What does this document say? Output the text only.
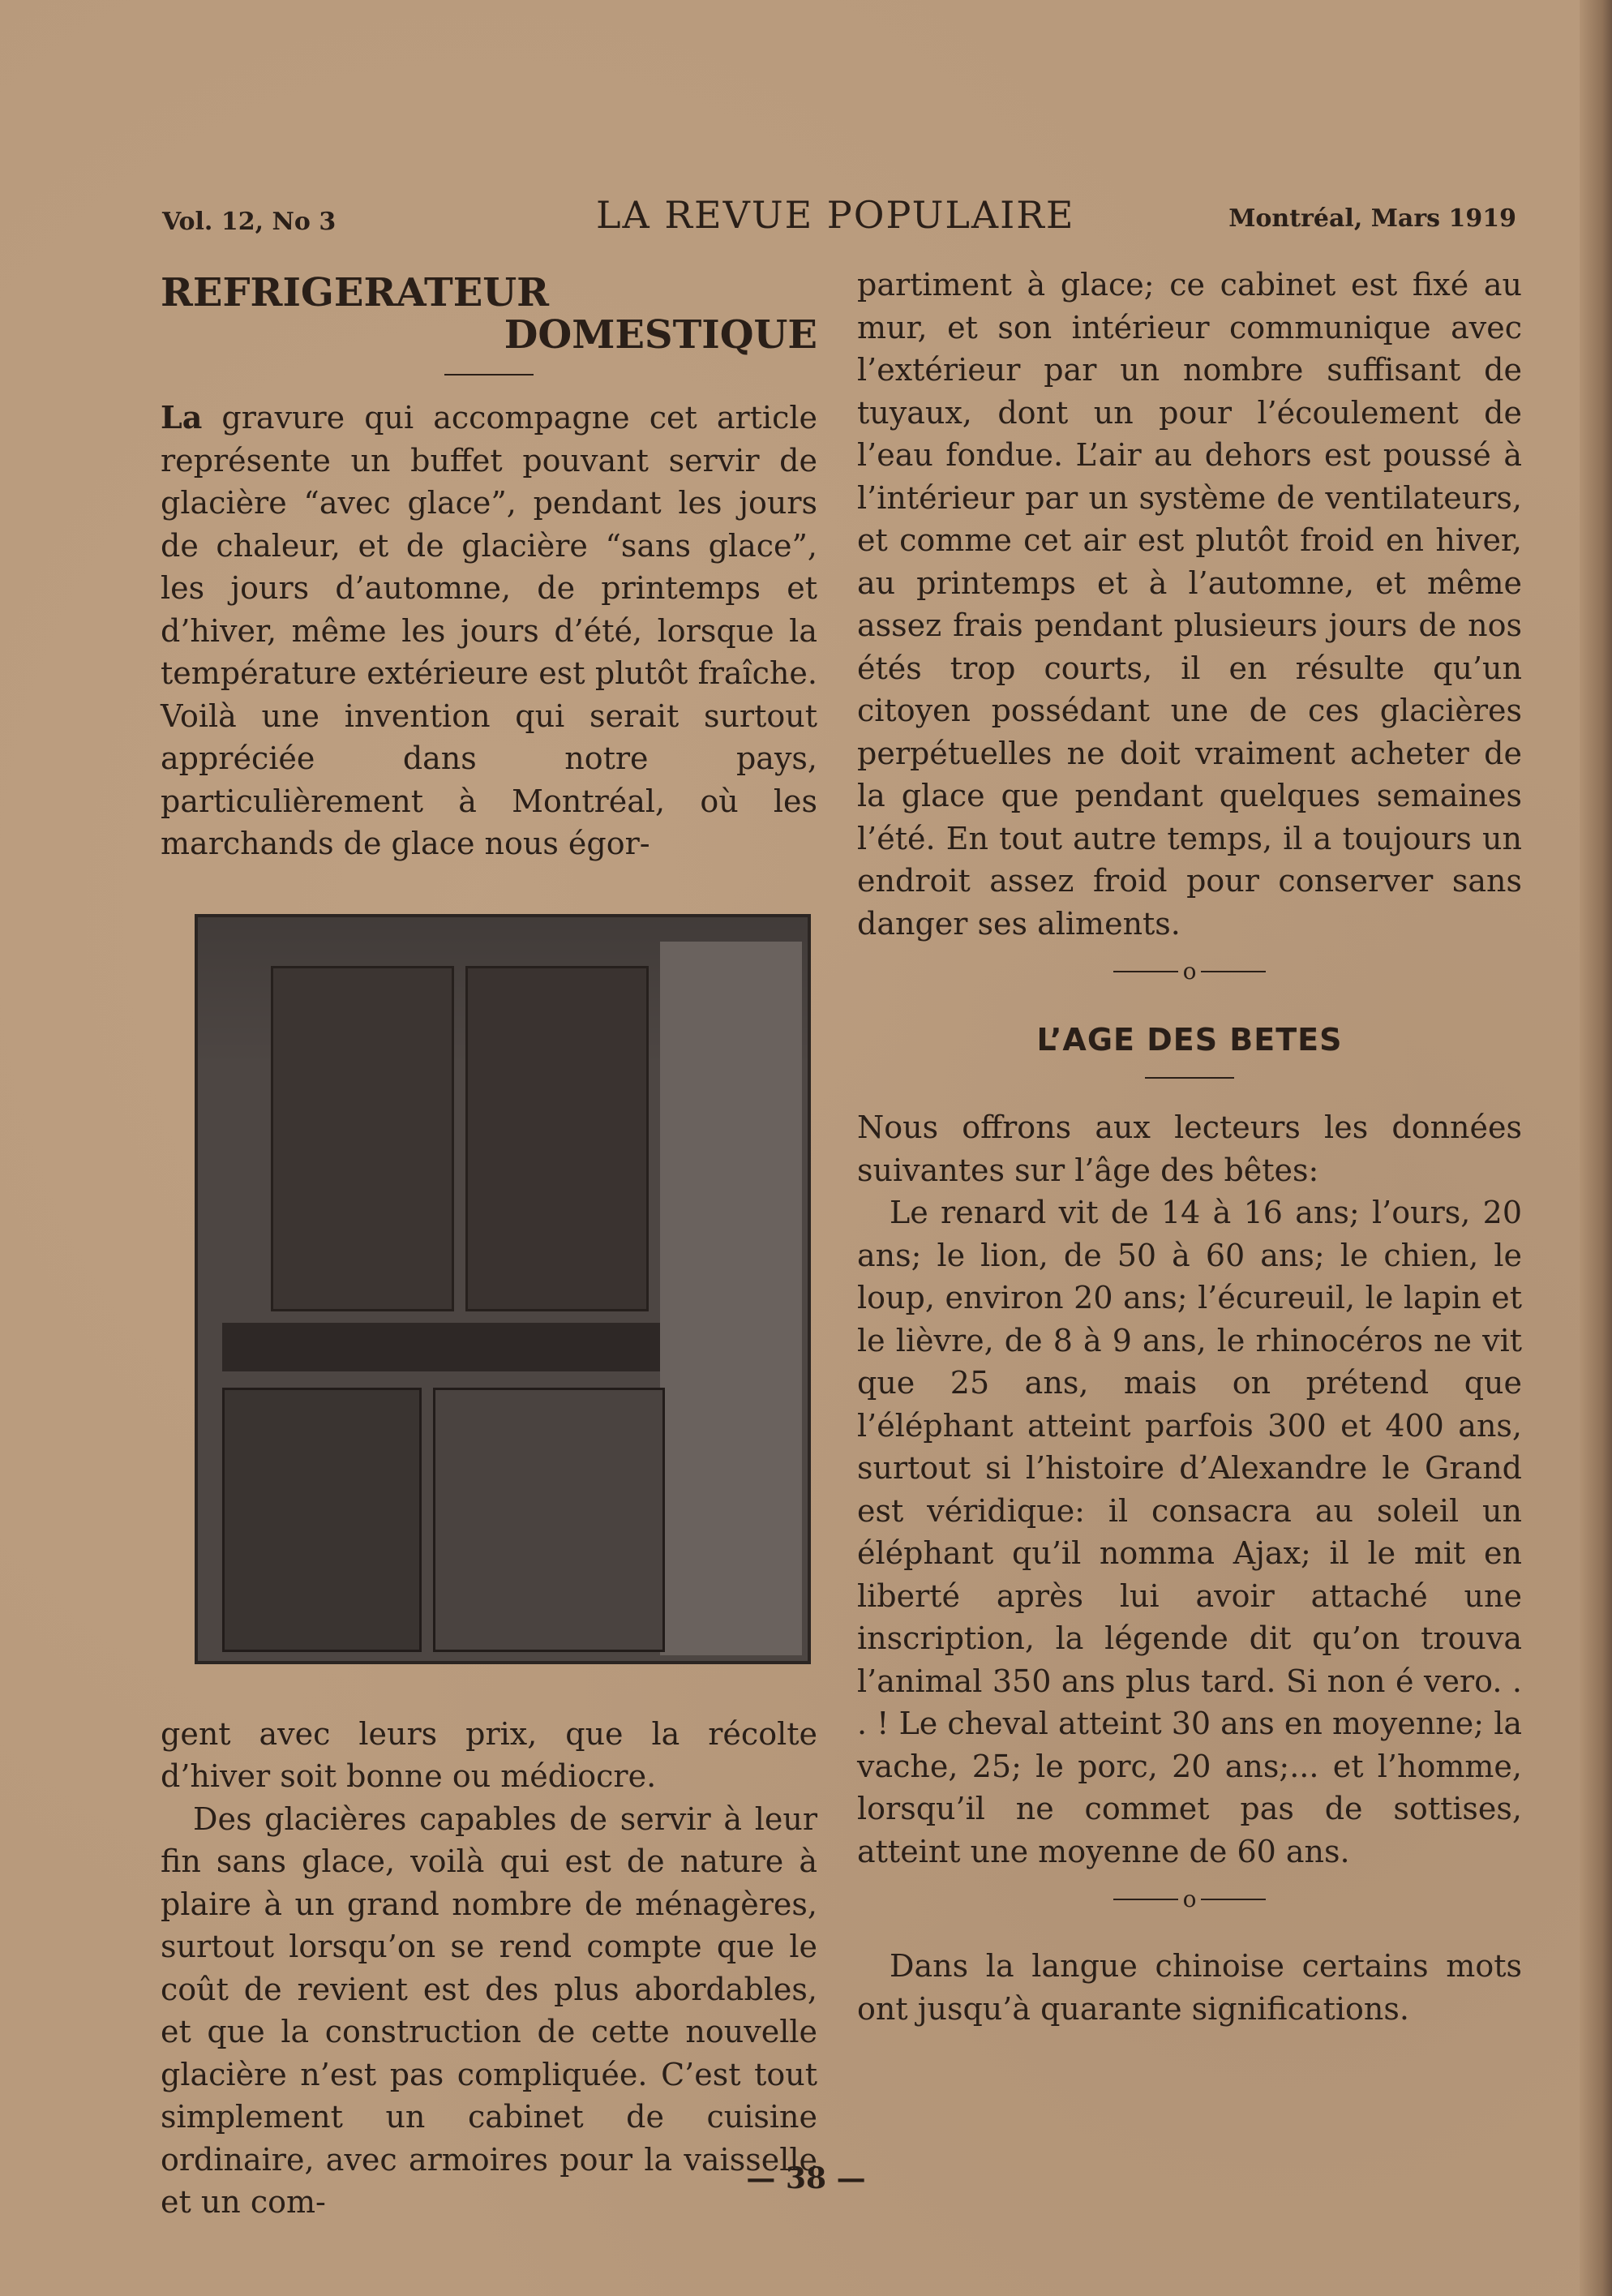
Vol. 12, No 3	LA REVUE POPULAIRE	Montréal, Mars 1919
REFRIGERATEUR
DOMESTIQUE

La gravure qui accompagne cet article représente un buffet pouvant servir de glacière “avec glace”, pendant les jours de chaleur, et de glacière “sans glace”, les jours d’automne, de printemps et d’hiver, même les jours d’été, lorsque la température extérieure est plutôt fraîche. Voilà une invention qui serait surtout appréciée dans notre pays, particulièrement à Montréal, où les marchands de glace nous égor-

gent avec leurs prix, que la récolte d’hiver soit bonne ou médiocre.

Des glacières capables de servir à leur fin sans glace, voilà qui est de nature à plaire à un grand nombre de ménagères, surtout lorsqu’on se rend compte que le coût de revient est des plus abordables, et que la construction de cette nouvelle glacière n’est pas compliquée. C’est tout simplement un cabinet de cuisine ordinaire, avec armoires pour la vaisselle et un com-

partiment à glace; ce cabinet est fixé au mur, et son intérieur communique avec l’extérieur par un nombre suffisant de tuyaux, dont un pour l’écoulement de l’eau fondue. L’air au dehors est poussé à l’intérieur par un système de ventilateurs, et comme cet air est plutôt froid en hiver, au printemps et à l’automne, et même assez frais pendant plusieurs jours de nos étés trop courts, il en résulte qu’un citoyen possédant une de ces glacières perpétuelles ne doit vraiment acheter de la glace que pendant quelques semaines l’été. En tout autre temps, il a toujours un endroit assez froid pour conserver sans danger ses aliments.

o
L’AGE DES BETES

Nous offrons aux lecteurs les données suivantes sur l’âge des bêtes:

Le renard vit de 14 à 16 ans; l’ours, 20 ans; le lion, de 50 à 60 ans; le chien, le loup, environ 20 ans; l’écureuil, le lapin et le lièvre, de 8 à 9 ans, le rhinocéros ne vit que 25 ans, mais on prétend que l’éléphant atteint parfois 300 et 400 ans, surtout si l’histoire d’Alexandre le Grand est véridique: il consacra au soleil un éléphant qu’il nomma Ajax; il le mit en liberté après lui avoir attaché une inscription, la légende dit qu’on trouva l’animal 350 ans plus tard. Si non é vero. . . ! Le cheval atteint 30 ans en moyenne; la vache, 25; le porc, 20 ans;... et l’homme, lorsqu’il ne commet pas de sottises, atteint une moyenne de 60 ans.

o

Dans la langue chinoise certains mots ont jusqu’à quarante significations.

— 38 —
